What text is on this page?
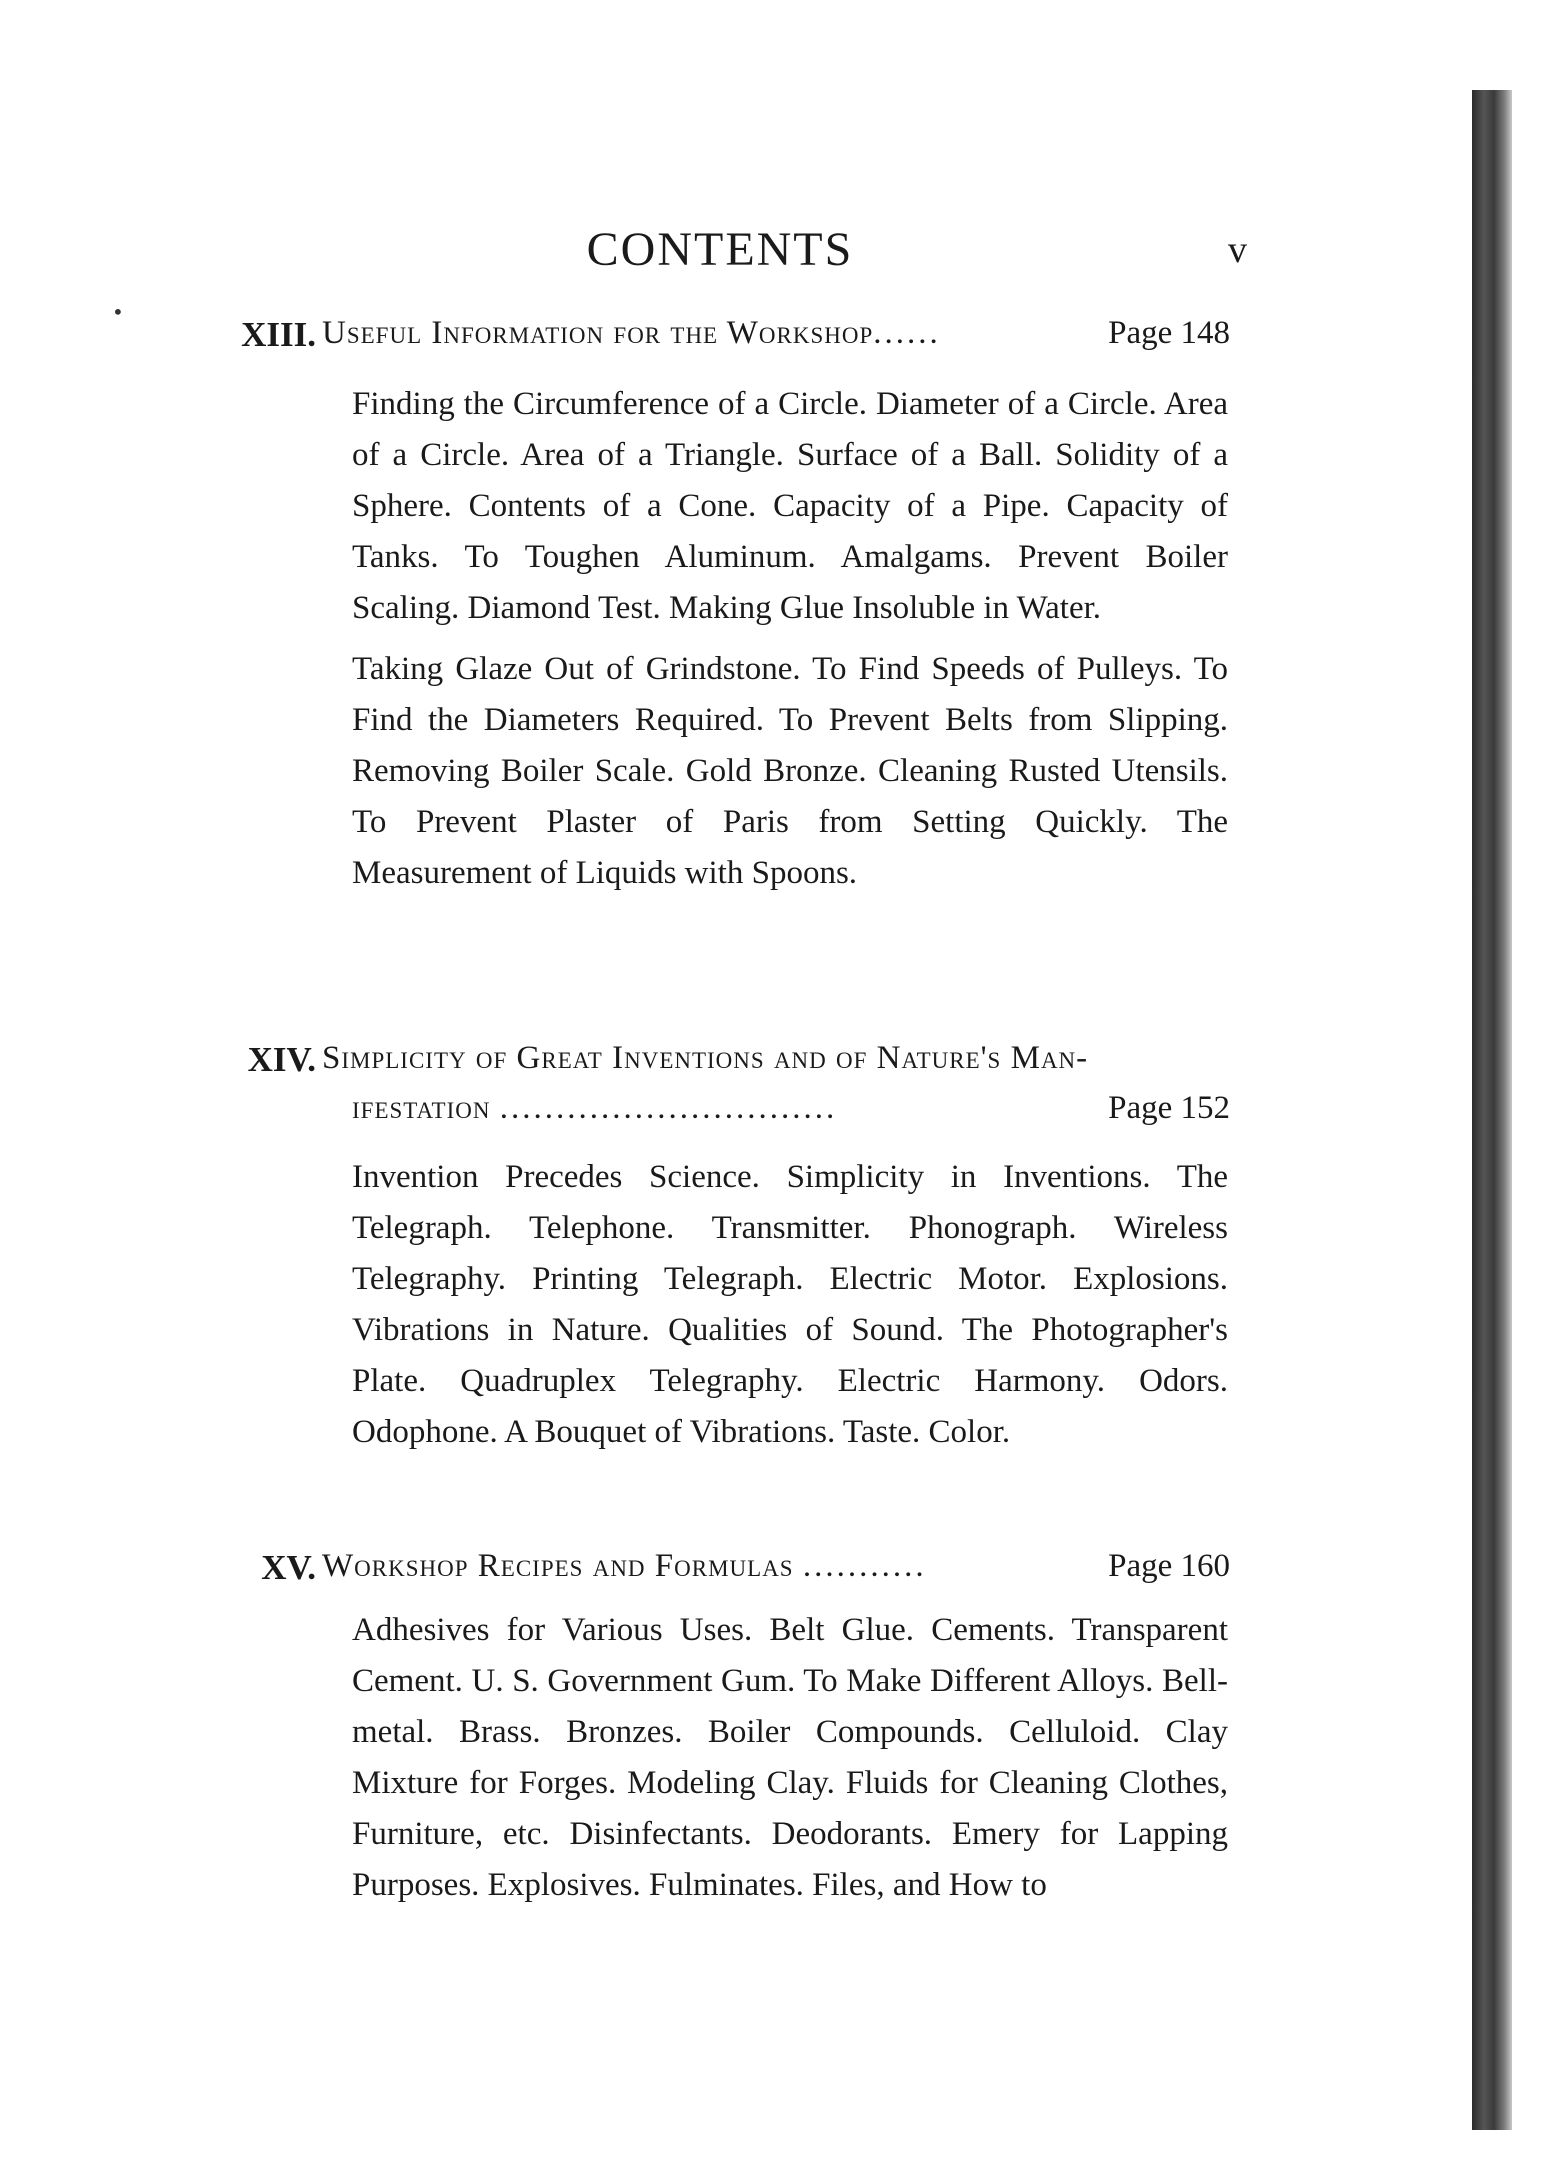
•
CONTENTS	v
XIII. Useful Information for the Workshop......	Page 148

Finding the Circumference of a Circle. Diameter of a Circle. Area of a Circle. Area of a Triangle. Surface of a Ball. Solidity of a Sphere. Contents of a Cone. Capacity of a Pipe. Capacity of Tanks. To Toughen Aluminum. Amalgams. Prevent Boiler Scaling. Diamond Test. Making Glue Insoluble in Water.

Taking Glaze Out of Grindstone. To Find Speeds of Pulleys. To Find the Diameters Required. To Prevent Belts from Slipping. Removing Boiler Scale. Gold Bronze. Cleaning Rusted Utensils. To Prevent Plaster of Paris from Setting Quickly. The Measurement of Liquids with Spoons.

XIV. Simplicity of Great Inventions and of Nature's Man-
ifestation ..............................	Page 152

Invention Precedes Science. Simplicity in Inventions. The Telegraph. Telephone. Transmitter. Phonograph. Wireless Telegraphy. Printing Telegraph. Electric Motor. Explosions. Vibrations in Nature. Qualities of Sound. The Photographer's Plate. Quadruplex Telegraphy. Electric Harmony. Odors. Odophone. A Bouquet of Vibrations. Taste. Color.

XV. Workshop Recipes and Formulas ...........	Page 160

Adhesives for Various Uses. Belt Glue. Cements. Transparent Cement. U. S. Government Gum. To Make Different Alloys. Bell-metal. Brass. Bronzes. Boiler Compounds. Celluloid. Clay Mixture for Forges. Modeling Clay. Fluids for Cleaning Clothes, Furniture, etc. Disinfectants. Deodorants. Emery for Lapping Purposes. Explosives. Fulminates. Files, and How to
